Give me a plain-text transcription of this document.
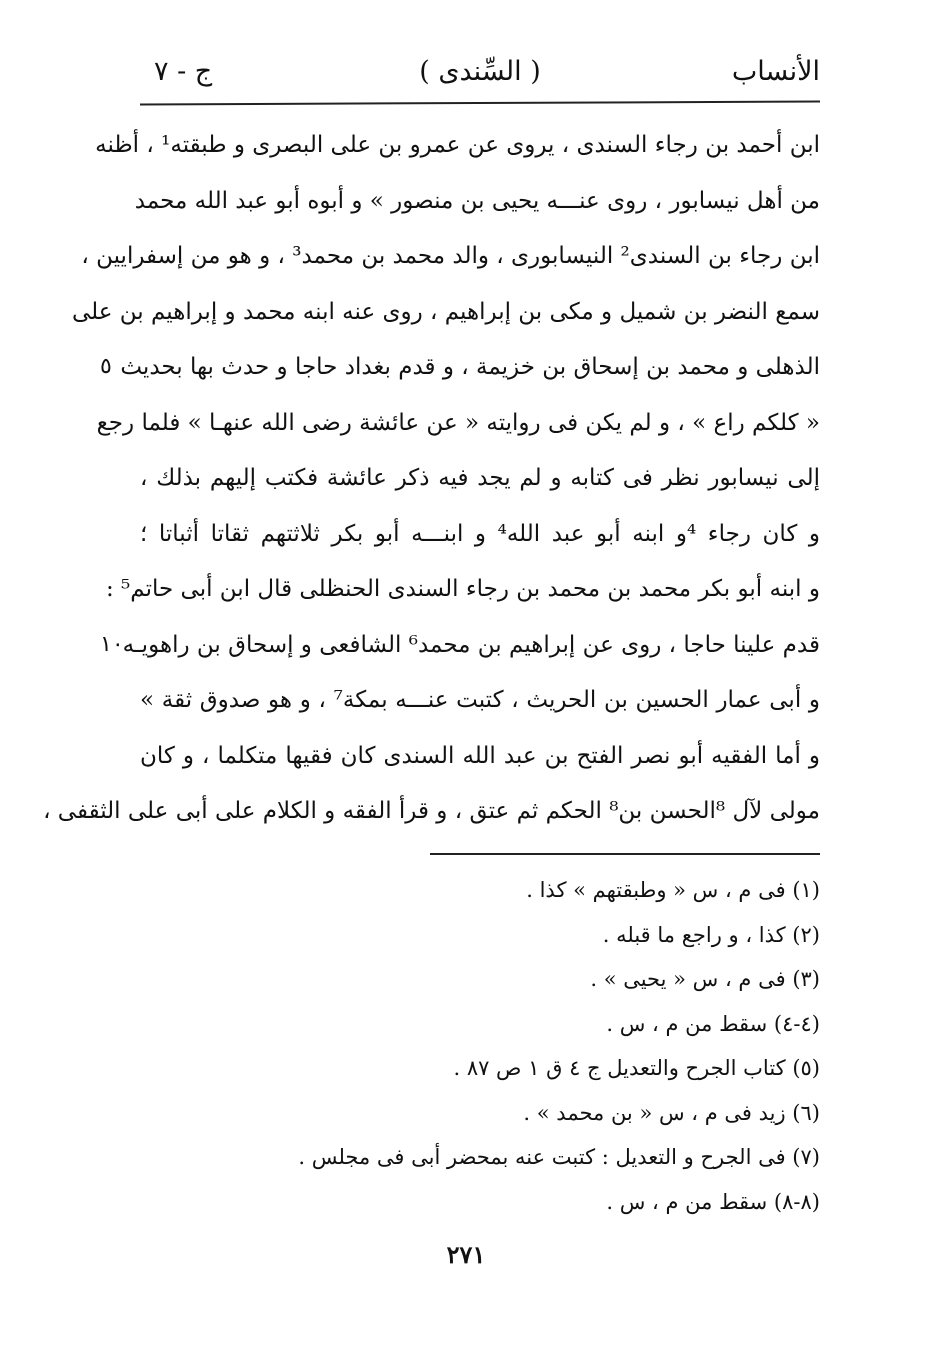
الأنساب
( السِّندى )
ج - ٧
ابن أحمد بن رجاء السندى ، يروى عن عمرو بن على البصرى و طبقته¹ ، أظنه
من أهل نيسابور ، روى عنـــه يحيى بن منصور » و أبوه أبو عبد الله محمد
ابن رجاء بن السندى² النيسابورى ، والد محمد بن محمد³ ، و هو من إسفرايين ،
سمع النضر بن شميل و مكى بن إبراهيم ، روى عنه ابنه محمد و إبراهيم بن على
الذهلى و محمد بن إسحاق بن خزيمة ، و قدم بغداد حاجا و حدث بها بحديث
« كلكم راع » ، و لم يكن فى روايته « عن عائشة رضى الله عنهـا » فلما رجع
إلى نيسابور نظر فى كتابه و لم يجد فيه ذكر عائشة فكتب إليهم بذلك ،
و كان رجاء ⁴و ابنه أبو عبد الله⁴ و ابنـــه أبو بكر ثلاثتهم ثقاتا أثباتا ؛
و ابنه أبو بكر محمد بن محمد بن رجاء السندى الحنظلى قال ابن أبى حاتم⁵ :
قدم علينا حاجا ، روى عن إبراهيم بن محمد⁶ الشافعى و إسحاق بن راهويـه
و أبى عمار الحسين بن الحريث ، كتبت عنـــه بمكة⁷ ، و هو صدوق ثقة »
و أما الفقيه أبو نصر الفتح بن عبد الله السندى كان فقيها متكلما ، و كان
مولى لآل ⁸الحسن بن⁸ الحكم ثم عتق ، و قرأ الفقه و الكلام على أبى على الثقفى ،
٥
١٠
(١) فى م ، س « وطبقتهم » كذا .
(٢) كذا ، و راجع ما قبله .
(٣) فى م ، س « يحيى » .
(٤-٤) سقط من م ، س .
(٥) كتاب الجرح والتعديل ج ٤ ق ١ ص ٨٧ .
(٦) زيد فى م ، س « بن محمد » .
(٧) فى الجرح و التعديل : كتبت عنه بمحضر أبى فى مجلس .
(٨-٨) سقط من م ، س .
٢٧١
